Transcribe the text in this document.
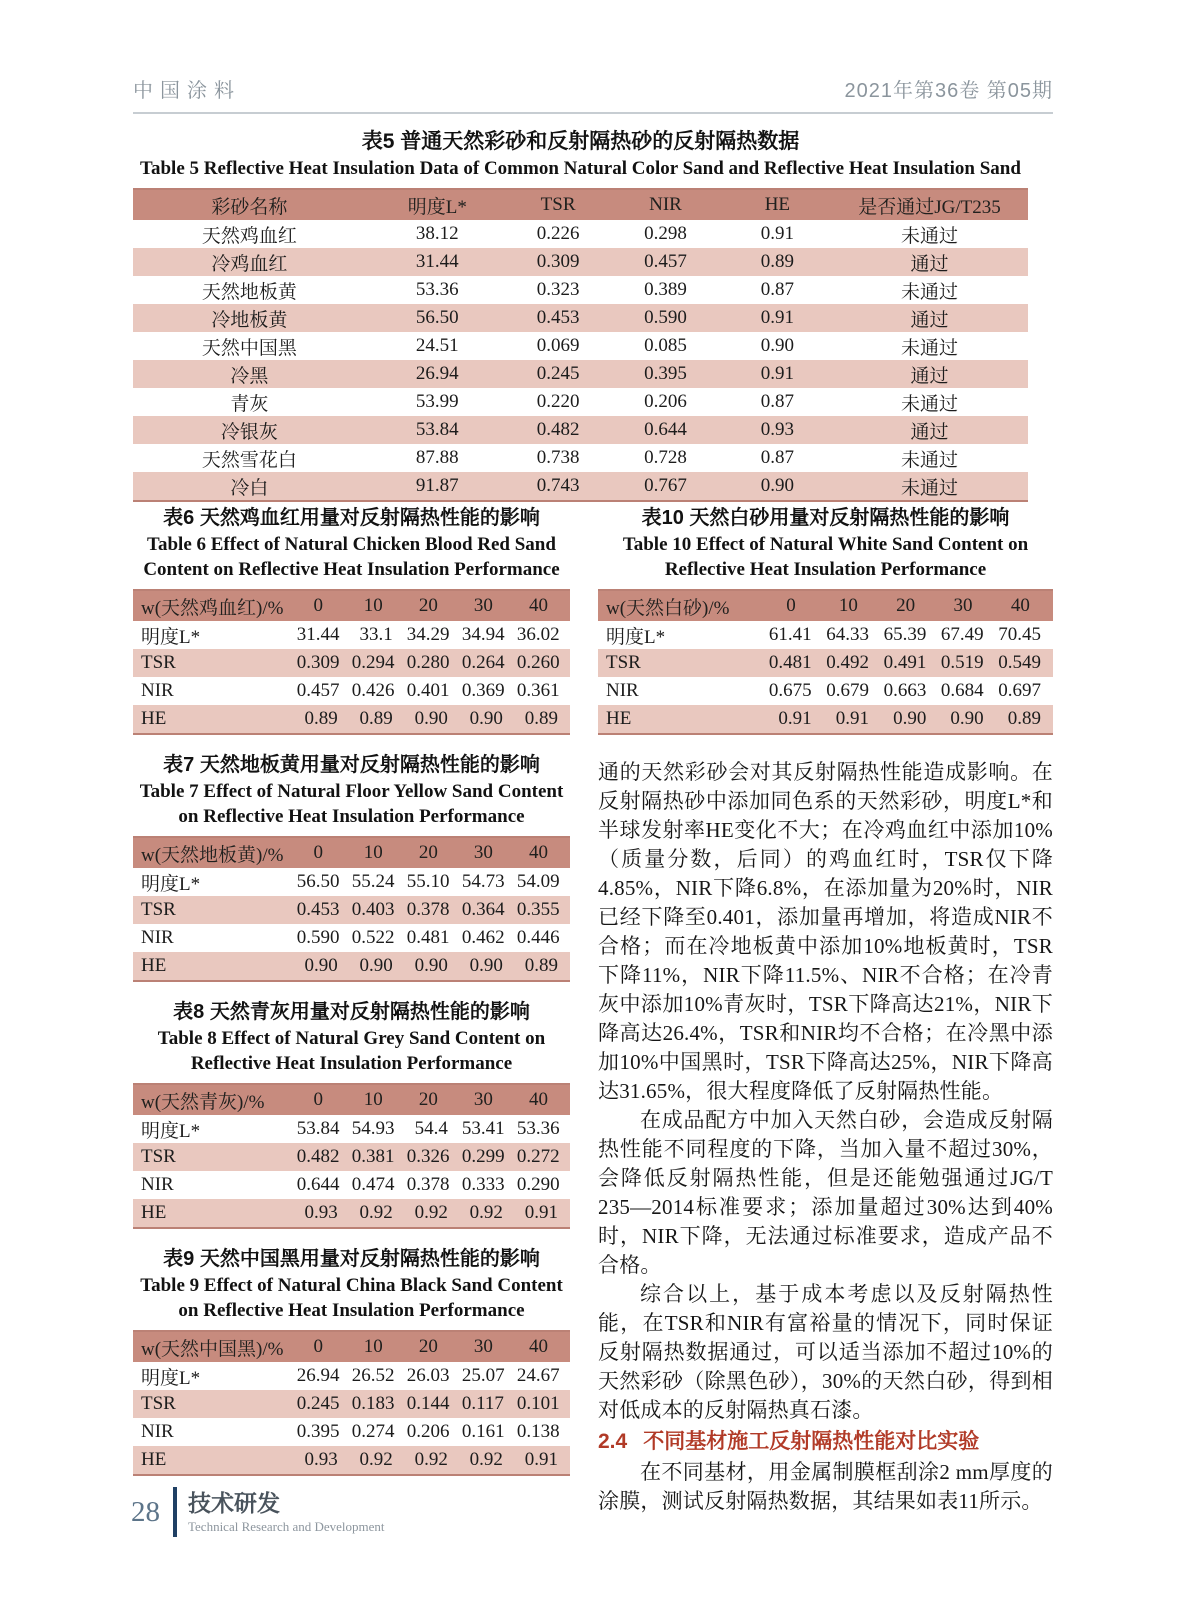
中国涂料	2021年第36卷 第05期
表5 普通天然彩砂和反射隔热砂的反射隔热数据
Table 5 Reflective Heat Insulation Data of Common Natural Color Sand and Reflective Heat Insulation Sand
彩砂名称	明度L*	TSR	NIR	HE	是否通过JG/T235
天然鸡血红	38.12	0.226	0.298	0.91	未通过
冷鸡血红	31.44	0.309	0.457	0.89	通过
天然地板黄	53.36	0.323	0.389	0.87	未通过
冷地板黄	56.50	0.453	0.590	0.91	通过
天然中国黑	24.51	0.069	0.085	0.90	未通过
冷黑	26.94	0.245	0.395	0.91	通过
青灰	53.99	0.220	0.206	0.87	未通过
冷银灰	53.84	0.482	0.644	0.93	通过
天然雪花白	87.88	0.738	0.728	0.87	未通过
冷白	91.87	0.743	0.767	0.90	未通过
表6 天然鸡血红用量对反射隔热性能的影响
Table 6 Effect of Natural Chicken Blood Red Sand Content on Reflective Heat Insulation Performance
w(天然鸡血红)/%	0	10	20	30	40
明度L*	31.44	33.1	34.29	34.94	36.02
TSR	0.309	0.294	0.280	0.264	0.260
NIR	0.457	0.426	0.401	0.369	0.361
HE	0.89	0.89	0.90	0.90	0.89
表7 天然地板黄用量对反射隔热性能的影响
Table 7 Effect of Natural Floor Yellow Sand Content on Reflective Heat Insulation Performance
w(天然地板黄)/%	0	10	20	30	40
明度L*	56.50	55.24	55.10	54.73	54.09
TSR	0.453	0.403	0.378	0.364	0.355
NIR	0.590	0.522	0.481	0.462	0.446
HE	0.90	0.90	0.90	0.90	0.89
表8 天然青灰用量对反射隔热性能的影响
Table 8 Effect of Natural Grey Sand Content on Reflective Heat Insulation Performance
w(天然青灰)/%	0	10	20	30	40
明度L*	53.84	54.93	54.4	53.41	53.36
TSR	0.482	0.381	0.326	0.299	0.272
NIR	0.644	0.474	0.378	0.333	0.290
HE	0.93	0.92	0.92	0.92	0.91
表9 天然中国黑用量对反射隔热性能的影响
Table 9 Effect of Natural China Black Sand Content on Reflective Heat Insulation Performance
w(天然中国黑)/%	0	10	20	30	40
明度L*	26.94	26.52	26.03	25.07	24.67
TSR	0.245	0.183	0.144	0.117	0.101
NIR	0.395	0.274	0.206	0.161	0.138
HE	0.93	0.92	0.92	0.92	0.91
表10 天然白砂用量对反射隔热性能的影响
Table 10 Effect of Natural White Sand Content on Reflective Heat Insulation Performance
w(天然白砂)/%	0	10	20	30	40
明度L*	61.41	64.33	65.39	67.49	70.45
TSR	0.481	0.492	0.491	0.519	0.549
NIR	0.675	0.679	0.663	0.684	0.697
HE	0.91	0.91	0.90	0.90	0.89

通的天然彩砂会对其反射隔热性能造成影响。在反射隔热砂中添加同色系的天然彩砂，明度L*和半球发射率HE变化不大；在冷鸡血红中添加10%（质量分数，后同）的鸡血红时，TSR仅下降4.85%，NIR下降6.8%，在添加量为20%时，NIR已经下降至0.401，添加量再增加，将造成NIR不合格；而在冷地板黄中添加10%地板黄时，TSR下降11%，NIR下降11.5%、NIR不合格；在冷青灰中添加10%青灰时，TSR下降高达21%，NIR下降高达26.4%，TSR和NIR均不合格；在冷黑中添加10%中国黑时，TSR下降高达25%，NIR下降高达31.65%，很大程度降低了反射隔热性能。

在成品配方中加入天然白砂，会造成反射隔热性能不同程度的下降，当加入量不超过30%，会降低反射隔热性能，但是还能勉强通过JG/T 235—2014标准要求；添加量超过30%达到40%时，NIR下降，无法通过标准要求，造成产品不合格。

综合以上，基于成本考虑以及反射隔热性能，在TSR和NIR有富裕量的情况下，同时保证反射隔热数据通过，可以适当添加不超过10%的天然彩砂（除黑色砂），30%的天然白砂，得到相对低成本的反射隔热真石漆。

2.4 不同基材施工反射隔热性能对比实验

在不同基材，用金属制膜框刮涂2 mm厚度的涂膜，测试反射隔热数据，其结果如表11所示。

28 技术研发
Technical Research and Development
